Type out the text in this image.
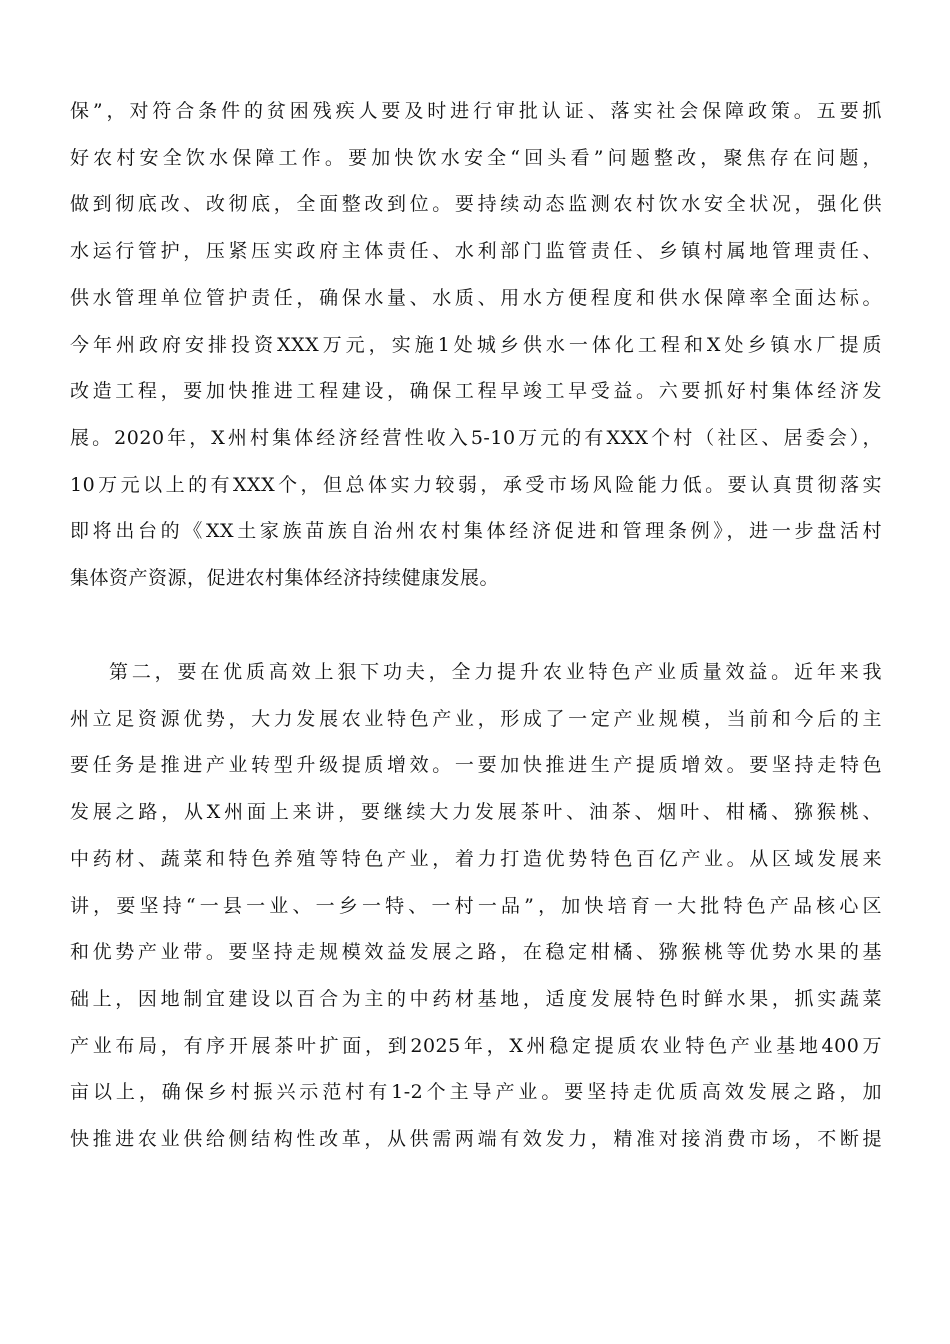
保”，对符合条件的贫困残疾人要及时进行审批认证、落实社会保障政策。五要抓
好农村安全饮水保障工作。要加快饮水安全“回头看”问题整改，聚焦存在问题，
做到彻底改、改彻底，全面整改到位。要持续动态监测农村饮水安全状况，强化供
水运行管护，压紧压实政府主体责任、水利部门监管责任、乡镇村属地管理责任、
供水管理单位管护责任，确保水量、水质、用水方便程度和供水保障率全面达标。
今年州政府安排投资XXX万元，实施1处城乡供水一体化工程和X处乡镇水厂提质
改造工程，要加快推进工程建设，确保工程早竣工早受益。六要抓好村集体经济发
展。2020年，X州村集体经济经营性收入5-10万元的有XXX个村（社区、居委会），
10万元以上的有XXX个，但总体实力较弱，承受市场风险能力低。要认真贯彻落实
即将出台的《XX土家族苗族自治州农村集体经济促进和管理条例》，进一步盘活村
集体资产资源，促进农村集体经济持续健康发展。
第二，要在优质高效上狠下功夫，全力提升农业特色产业质量效益。近年来我
州立足资源优势，大力发展农业特色产业，形成了一定产业规模，当前和今后的主
要任务是推进产业转型升级提质增效。一要加快推进生产提质增效。要坚持走特色
发展之路，从X州面上来讲，要继续大力发展茶叶、油茶、烟叶、柑橘、猕猴桃、
中药材、蔬菜和特色养殖等特色产业，着力打造优势特色百亿产业。从区域发展来
讲，要坚持“一县一业、一乡一特、一村一品”，加快培育一大批特色产品核心区
和优势产业带。要坚持走规模效益发展之路，在稳定柑橘、猕猴桃等优势水果的基
础上，因地制宜建设以百合为主的中药材基地，适度发展特色时鲜水果，抓实蔬菜
产业布局，有序开展茶叶扩面，到2025年，X州稳定提质农业特色产业基地400万
亩以上，确保乡村振兴示范村有1-2个主导产业。要坚持走优质高效发展之路，加
快推进农业供给侧结构性改革，从供需两端有效发力，精准对接消费市场，不断提
